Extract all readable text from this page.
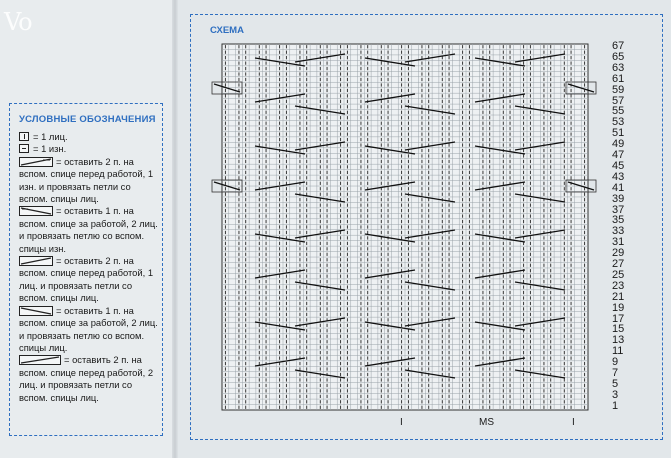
Vo
УСЛОВНЫЕ ОБОЗНАЧЕНИЯ
= 1 лиц.
= 1 изн.
= оставить 2 п. на вспом. спице перед работой, 1 изн. и провязать петли со вспом. спицы лиц.
= оставить 1 п. на вспом. спице за работой, 2 лиц. и провязать петлю со вспом. спицы изн.
= оставить 2 п. на вспом. спице перед работой, 1 лиц. и провязать петли со вспом. спицы лиц.
= оставить 1 п. на вспом. спице за работой, 2 лиц. и провязать петлю со вспом. спицы лиц.
= оставить 2 п. на вспом. спице перед работой, 2 лиц. и провязать петли со вспом. спицы лиц.
СХЕМА
67
65
63
61
59
57
55
53
51
49
47
45
43
41
39
37
35
33
31
29
27
25
23
21
19
17
15
13
11
9
7
5
3
1
I	MS	I
